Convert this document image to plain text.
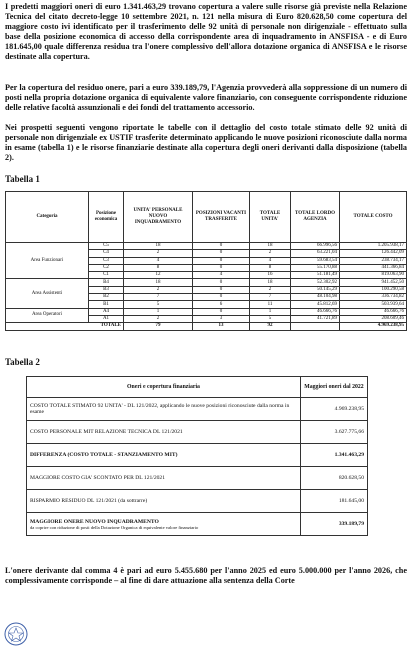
I predetti maggiori oneri di euro 1.341.463,29 trovano copertura a valere sulle risorse già previste nella Relazione Tecnica del citato decreto-legge 10 settembre 2021, n. 121 nella misura di Euro 820.628,50 come copertura del maggiore costo ivi identificato per il trasferimento delle 92 unità di personale non dirigenziale - effettuato sulla base della posizione economica di accesso della corrispondente area di inquadramento in ANSFISA - e di Euro 181.645,00 quale differenza residua tra l'onere complessivo dell'allora dotazione organica di ANSFISA e le risorse destinate alla copertura.

Per la copertura del residuo onere, pari a euro 339.189,79, l'Agenzia provvederà alla soppressione di un numero di posti nella propria dotazione organica di equivalente valore finanziario, con conseguente corrispondente riduzione delle relative facoltà assunzionali e dei fondi del trattamento accessorio.

Nei prospetti seguenti vengono riportate le tabelle con il dettaglio del costo totale stimato delle 92 unità di personale non dirigenziale ex USTIF trasferite determinato applicando le nuove posizioni riconosciute dalla norma in esame (tabella 1) e le risorse finanziarie destinate alla copertura degli oneri derivanti dalla disposizione (tabella 2).

Tabella 1

Categoria	Posizione economica	UNITA' PERSONALE NUOVO INQUADRAMENTO	POSIZIONI VACANTI TRASFERITE	TOTALE UNITA'	TOTALE LORDO AGENZIA	TOTALE COSTO
Area Funzionari	C5	18	0	18	66.996,56	1.205.938,17
	C4	2	0	2	63.221,04	126.442,09
	C3	4	0	4	59.683,54	238.734,17
	C2	8	0	8	55.170,88	441.366,84
	C1	12	4	16	51.181,49	819.063,90
Area Assistenti	B4	18	0	18	52.302,92	941.452,50
	B3	2	0	2	50.145,29	100.290,58
	B2	7	0	7	48.104,98	336.734,82
	B1	5	6	11	45.812,69	503.939,64
Area Operatori	A4	1	0	1	46.666,76	46.666,76
	A1	2	3	5	41.721,89	208.609,46
TOTALE		79	13	92		4.969.238,95

Tabella 2

Oneri e copertura finanziaria	Maggiori oneri dal 2022
COSTO TOTALE STIMATO 92 UNITA' - DL 121/2022, applicando le nuove posizioni riconosciute dalla norma in esame	4.969.238,95
COSTO PERSONALE MIT RELAZIONE TECNICA DL 121/2021	3.627.775,66
DIFFERENZA (COSTO TOTALE - STANZIAMENTO MIT)	1.341.463,29
MAGGIORE COSTO GIA' SCONTATO PER DL 121/2021	820.628,50
RISPARMIO RESIDUO DL 121/2021 (da sottrarre)	181.645,00
MAGGIORE ONERE NUOVO INQUADRAMENTO
da coprire con riduzione di posti della Dotazione Organica di equivalente valore finanziario	339.189,79

L'onere derivante dal comma 4 è pari ad euro 5.455.680 per l'anno 2025 ed euro 5.000.000 per l'anno 2026, che complessivamente corrisponde – al fine di dare attuazione alla sentenza della Corte
